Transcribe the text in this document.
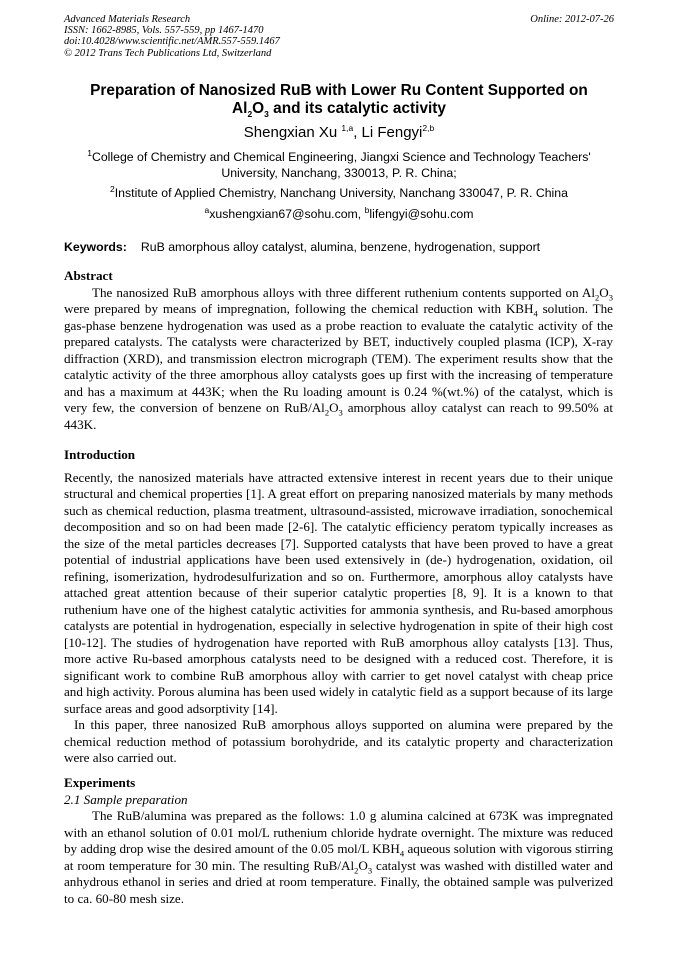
Advanced Materials Research
ISSN: 1662-8985, Vols. 557-559, pp 1467-1470
doi:10.4028/www.scientific.net/AMR.557-559.1467
© 2012 Trans Tech Publications Ltd, Switzerland
Online: 2012-07-26
Preparation of Nanosized RuB with Lower Ru Content Supported on
$Al_2O_3$ and its catalytic activity
Shengxian Xu $^{1,a}$, Li Fengyi$^{2,b}$
$^1$College of Chemistry and Chemical Engineering, Jiangxi Science and Technology Teachers' University, Nanchang, 330013, P. R. China;
$^2$Institute of Applied Chemistry, Nanchang University, Nanchang 330047, P. R. China
$^a$xushengxian67@sohu.com, $^b$lifengyi@sohu.com
Keywords: RuB amorphous alloy catalyst, alumina, benzene, hydrogenation, support
Abstract

The nanosized RuB amorphous alloys with three different ruthenium contents supported on $Al_2O_3$ were prepared by means of impregnation, following the chemical reduction with $KBH_4$ solution. The gas-phase benzene hydrogenation was used as a probe reaction to evaluate the catalytic activity of the prepared catalysts. The catalysts were characterized by BET, inductively coupled plasma (ICP), X-ray diffraction (XRD), and transmission electron micrograph (TEM). The experiment results show that the catalytic activity of the three amorphous alloy catalysts goes up first with the increasing of temperature and has a maximum at 443K; when the Ru loading amount is 0.24 %(wt.%) of the catalyst, which is very few, the conversion of benzene on RuB/$Al_2O_3$ amorphous alloy catalyst can reach to 99.50% at 443K.

Introduction

Recently, the nanosized materials have attracted extensive interest in recent years due to their unique structural and chemical properties [1]. A great effort on preparing nanosized materials by many methods such as chemical reduction, plasma treatment, ultrasound-assisted, microwave irradiation, sonochemical decomposition and so on had been made [2-6]. The catalytic efficiency peratom typically increases as the size of the metal particles decreases [7]. Supported catalysts that have been proved to have a great potential of industrial applications have been used extensively in (de-) hydrogenation, oxidation, oil refining, isomerization, hydrodesulfurization and so on. Furthermore, amorphous alloy catalysts have attached great attention because of their superior catalytic properties [8, 9]. It is a known to that ruthenium have one of the highest catalytic activities for ammonia synthesis, and Ru-based amorphous catalysts are potential in hydrogenation, especially in selective hydrogenation in spite of their high cost [10-12]. The studies of hydrogenation have reported with RuB amorphous alloy catalysts [13]. Thus, more active Ru-based amorphous catalysts need to be designed with a reduced cost. Therefore, it is significant work to combine RuB amorphous alloy with carrier to get novel catalyst with cheap price and high activity. Porous alumina has been used widely in catalytic field as a support because of its large surface areas and good adsorptivity [14].

In this paper, three nanosized RuB amorphous alloys supported on alumina were prepared by the chemical reduction method of potassium borohydride, and its catalytic property and characterization were also carried out.

Experiments
2.1 Sample preparation

The RuB/alumina was prepared as the follows: 1.0 g alumina calcined at 673K was impregnated with an ethanol solution of 0.01 mol/L ruthenium chloride hydrate overnight. The mixture was reduced by adding drop wise the desired amount of the 0.05 mol/L $KBH_4$ aqueous solution with vigorous stirring at room temperature for 30 min. The resulting RuB/$Al_2O_3$ catalyst was washed with distilled water and anhydrous ethanol in series and dried at room temperature. Finally, the obtained sample was pulverized to ca. 60-80 mesh size.
